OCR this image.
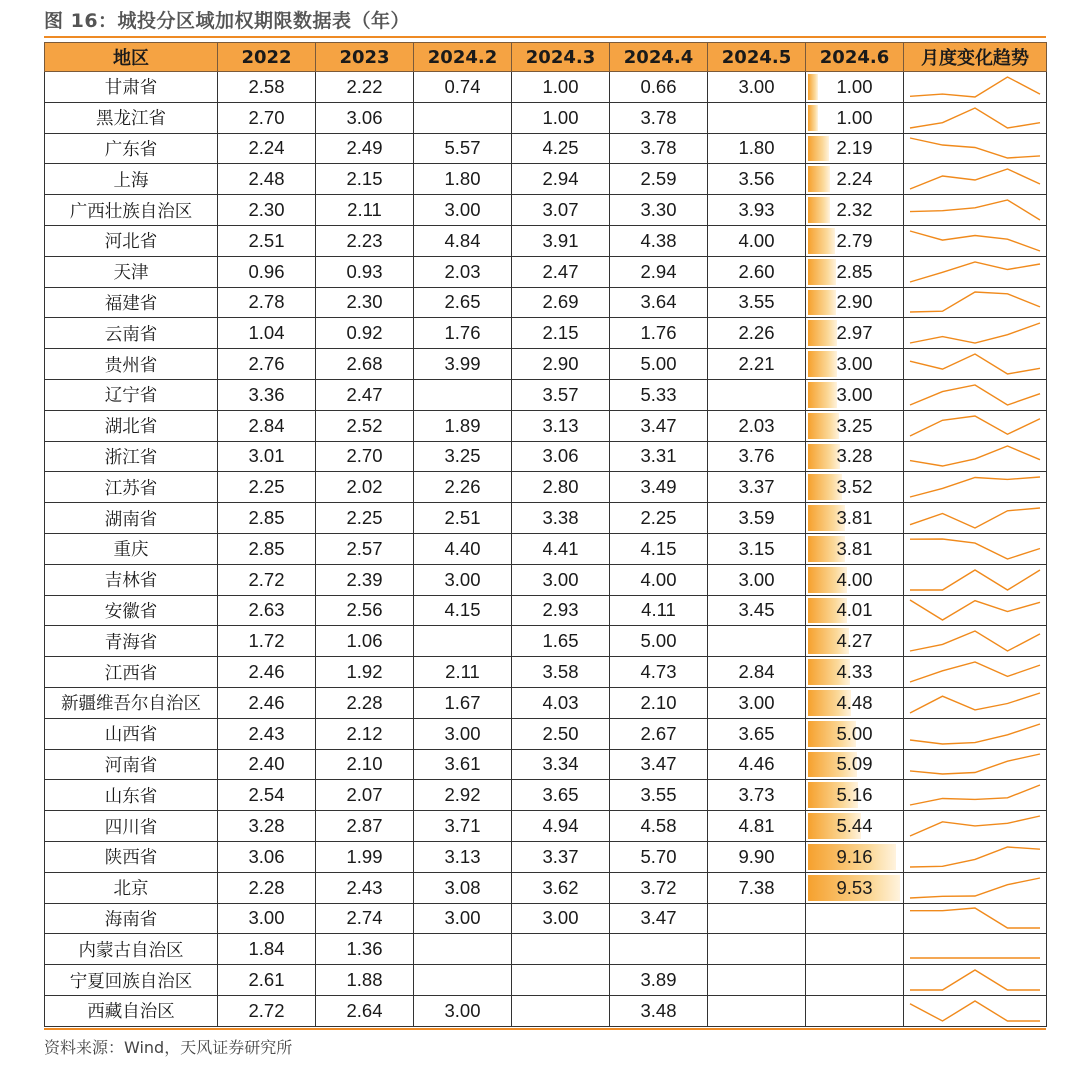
图 16：城投分区域加权期限数据表（年）
地区	2022	2023	2024.2	2024.3	2024.4	2024.5	2024.6	月度变化趋势
甘肃省	2.58	2.22	0.74	1.00	0.66	3.00	1.00	

黑龙江省	2.70	3.06		1.00	3.78		1.00	

广东省	2.24	2.49	5.57	4.25	3.78	1.80	2.19	

上海	2.48	2.15	1.80	2.94	2.59	3.56	2.24	

广西壮族自治区	2.30	2.11	3.00	3.07	3.30	3.93	2.32	

河北省	2.51	2.23	4.84	3.91	4.38	4.00	2.79	

天津	0.96	0.93	2.03	2.47	2.94	2.60	2.85	

福建省	2.78	2.30	2.65	2.69	3.64	3.55	2.90	

云南省	1.04	0.92	1.76	2.15	1.76	2.26	2.97	

贵州省	2.76	2.68	3.99	2.90	5.00	2.21	3.00	

辽宁省	3.36	2.47		3.57	5.33		3.00	

湖北省	2.84	2.52	1.89	3.13	3.47	2.03	3.25	

浙江省	3.01	2.70	3.25	3.06	3.31	3.76	3.28	

江苏省	2.25	2.02	2.26	2.80	3.49	3.37	3.52	

湖南省	2.85	2.25	2.51	3.38	2.25	3.59	3.81	

重庆	2.85	2.57	4.40	4.41	4.15	3.15	3.81	

吉林省	2.72	2.39	3.00	3.00	4.00	3.00	4.00	

安徽省	2.63	2.56	4.15	2.93	4.11	3.45	4.01	

青海省	1.72	1.06		1.65	5.00		4.27	

江西省	2.46	1.92	2.11	3.58	4.73	2.84	4.33	

新疆维吾尔自治区	2.46	2.28	1.67	4.03	2.10	3.00	4.48	

山西省	2.43	2.12	3.00	2.50	2.67	3.65	5.00	

河南省	2.40	2.10	3.61	3.34	3.47	4.46	5.09	

山东省	2.54	2.07	2.92	3.65	3.55	3.73	5.16	

四川省	3.28	2.87	3.71	4.94	4.58	4.81	5.44	

陕西省	3.06	1.99	3.13	3.37	5.70	9.90	9.16	

北京	2.28	2.43	3.08	3.62	3.72	7.38	9.53	

海南省	3.00	2.74	3.00	3.00	3.47			

内蒙古自治区	1.84	1.36						

宁夏回族自治区	2.61	1.88			3.89			

西藏自治区	2.72	2.64	3.00		3.48			
资料来源：Wind，天风证券研究所
